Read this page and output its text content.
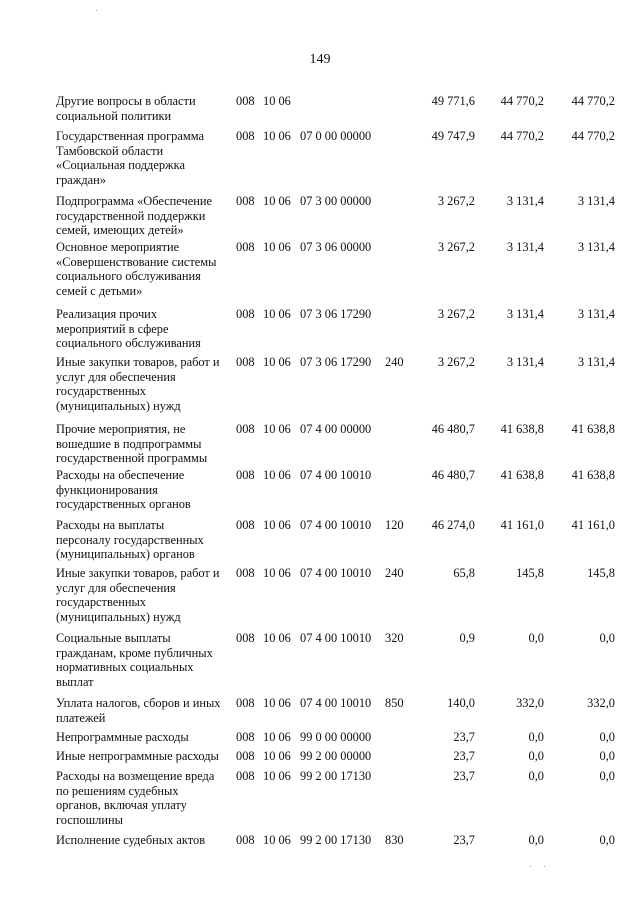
149
Другие вопросы в области
социальной политики
008 10 06	49 771,6	44 770,2	44 770,2
Государственная программа
Тамбовской области
«Социальная поддержка
граждан»
008 10 06 07 0 00 00000	49 747,9	44 770,2	44 770,2
Подпрограмма «Обеспечение
государственной поддержки
семей, имеющих детей»
008 10 06 07 3 00 00000	3 267,2	3 131,4	3 131,4
Основное мероприятие
«Совершенствование системы
социального обслуживания
семей с детьми»
008 10 06 07 3 06 00000	3 267,2	3 131,4	3 131,4
Реализация прочих
мероприятий в сфере
социального обслуживания
008 10 06 07 3 06 17290	3 267,2	3 131,4	3 131,4
Иные закупки товаров, работ и
услуг для обеспечения
государственных
(муниципальных) нужд
008 10 06 07 3 06 17290 240	3 267,2	3 131,4	3 131,4
Прочие мероприятия, не
вошедшие в подпрограммы
государственной программы
008 10 06 07 4 00 00000	46 480,7	41 638,8	41 638,8
Расходы на обеспечение
функционирования
государственных органов
008 10 06 07 4 00 10010	46 480,7	41 638,8	41 638,8
Расходы на выплаты
персоналу государственных
(муниципальных) органов
008 10 06 07 4 00 10010 120	46 274,0	41 161,0	41 161,0
Иные закупки товаров, работ и
услуг для обеспечения
государственных
(муниципальных) нужд
008 10 06 07 4 00 10010 240	65,8	145,8	145,8
Социальные выплаты
гражданам, кроме публичных
нормативных социальных
выплат
008 10 06 07 4 00 10010 320	0,9	0,0	0,0
Уплата налогов, сборов и иных
платежей
008 10 06 07 4 00 10010 850	140,0	332,0	332,0
Непрограммные расходы	008 10 06 99 0 00 00000	23,7	0,0	0,0
Иные непрограммные расходы	008 10 06 99 2 00 00000	23,7	0,0	0,0
Расходы на возмещение вреда
по решениям судебных
органов, включая уплату
госпошлины
008 10 06 99 2 00 17130	23,7	0,0	0,0
Исполнение судебных актов	008 10 06 99 2 00 17130 830	23,7	0,0	0,0
